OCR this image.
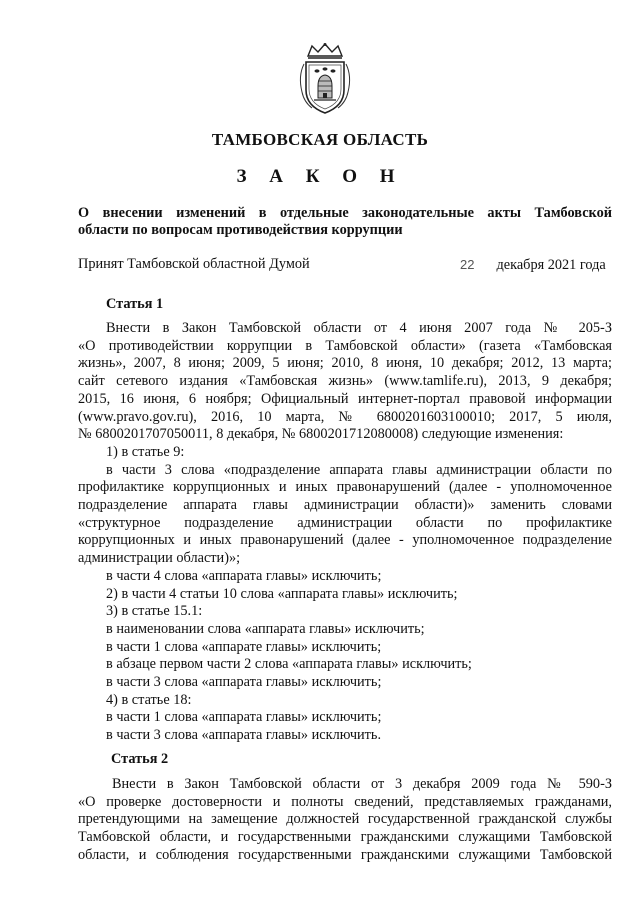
ТАМБОВСКАЯ ОБЛАСТЬ
З А К О Н
О внесении изменений в отдельные законодательные акты Тамбовской
области по вопросам противодействия коррупции
Принят Тамбовской областной Думой	22 декабря 2021 года
Статья 1
Внести в Закон Тамбовской области от 4 июня 2007 года № 205-З
«О противодействии коррупции в Тамбовской области» (газета «Тамбовская
жизнь», 2007, 8 июня; 2009, 5 июня; 2010, 8 июня, 10 декабря; 2012, 13 марта;
сайт сетевого издания «Тамбовская жизнь» (www.tamlife.ru), 2013, 9 декабря;
2015, 16 июня, 6 ноября; Официальный интернет-портал правовой информации
(www.pravo.gov.ru), 2016, 10 марта, № 6800201603100010; 2017, 5 июля,
№ 6800201707050011, 8 декабря, № 6800201712080008) следующие изменения:
1) в статье 9:
в части 3 слова «подразделение аппарата главы администрации области по
профилактике коррупционных и иных правонарушений (далее - уполномоченное
подразделение аппарата главы администрации области)» заменить словами
«структурное подразделение администрации области по профилактике
коррупционных и иных правонарушений (далее - уполномоченное подразделение
администрации области)»;
в части 4 слова «аппарата главы» исключить;
2) в части 4 статьи 10 слова «аппарата главы» исключить;
3) в статье 15.1:
в наименовании слова «аппарата главы» исключить;
в части 1 слова «аппарате главы» исключить;
в абзаце первом части 2 слова «аппарата главы» исключить;
в части 3 слова «аппарата главы» исключить;
4) в статье 18:
в части 1 слова «аппарата главы» исключить;
в части 3 слова «аппарата главы» исключить.
Статья 2
Внести в Закон Тамбовской области от 3 декабря 2009 года № 590-З
«О проверке достоверности и полноты сведений, представляемых гражданами,
претендующими на замещение должностей государственной гражданской службы
Тамбовской области, и государственными гражданскими служащими Тамбовской
области, и соблюдения государственными гражданскими служащими Тамбовской
